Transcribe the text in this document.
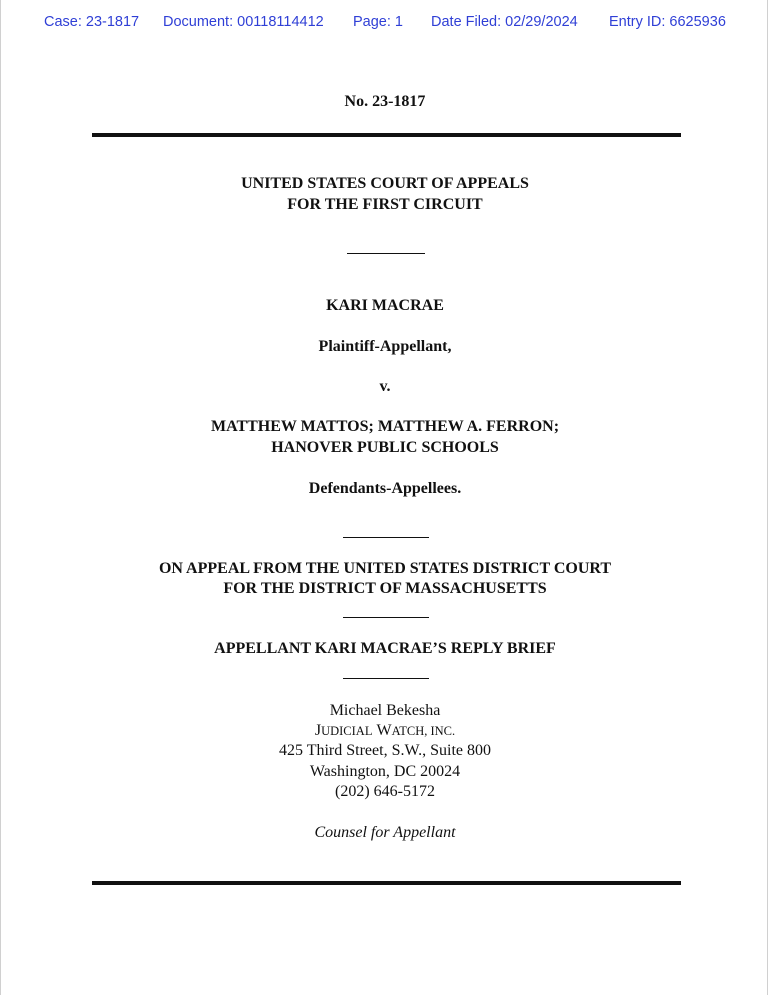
Case: 23-1817 Document: 00118114412 Page: 1 Date Filed: 02/29/2024 Entry ID: 6625936
No. 23-1817
UNITED STATES COURT OF APPEALS
FOR THE FIRST CIRCUIT
KARI MACRAE
Plaintiff-Appellant,
v.
MATTHEW MATTOS; MATTHEW A. FERRON;
HANOVER PUBLIC SCHOOLS
Defendants-Appellees.
ON APPEAL FROM THE UNITED STATES DISTRICT COURT
FOR THE DISTRICT OF MASSACHUSETTS
APPELLANT KARI MACRAE’S REPLY BRIEF
Michael Bekesha
JUDICIAL WATCH, INC.
425 Third Street, S.W., Suite 800
Washington, DC 20024
(202) 646-5172
Counsel for Appellant
